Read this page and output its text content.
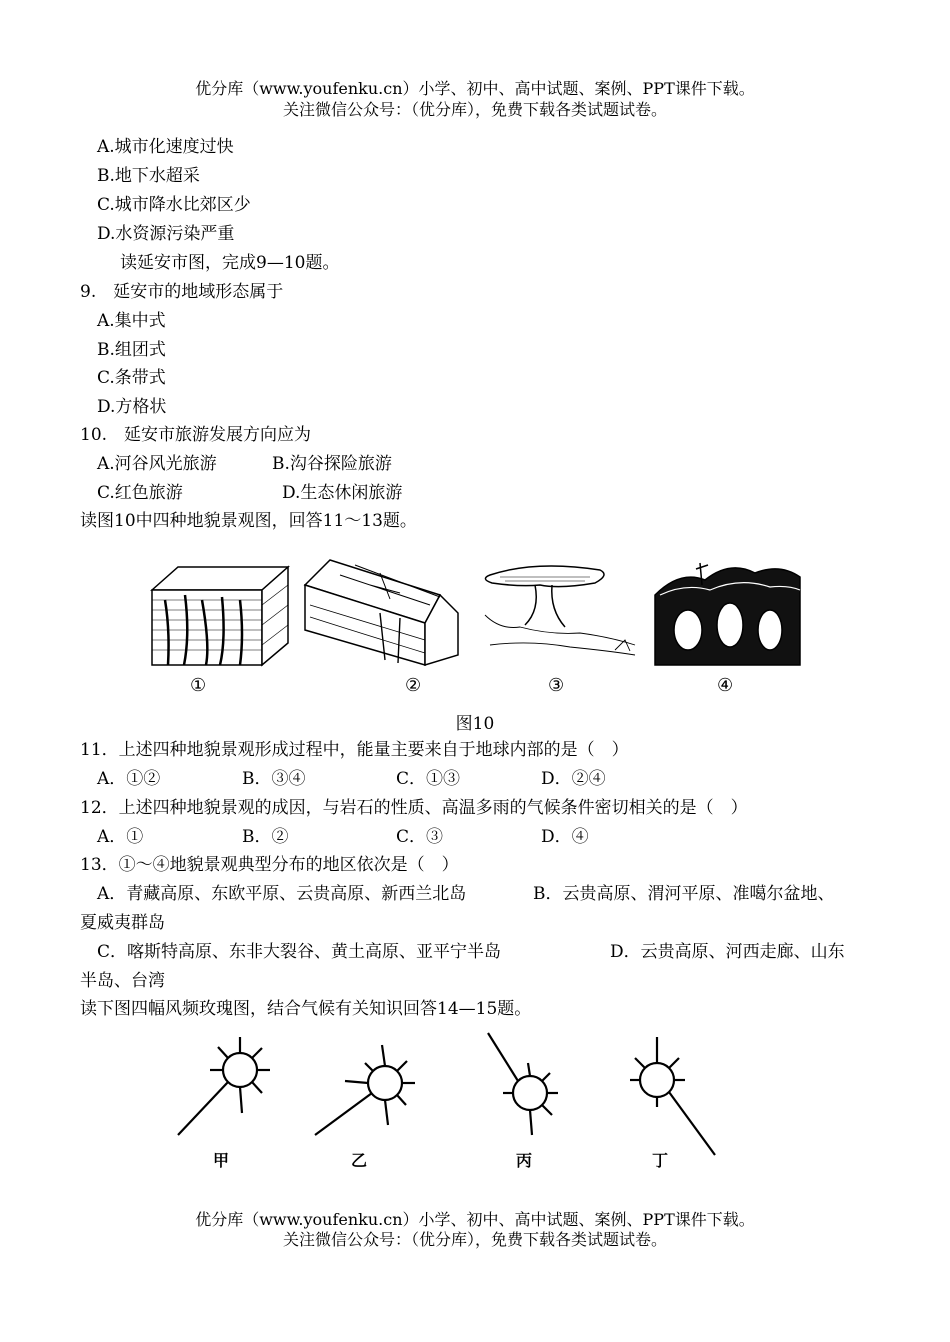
优分库（www.youfenku.cn）小学、初中、高中试题、案例、PPT课件下载。
关注微信公众号：（优分库），免费下载各类试题试卷。
A.城市化速度过快
B.地下水超采
C.城市降水比郊区少
D.水资源污染严重
读延安市图，完成9—10题。
9.　延安市的地域形态属于
A.集中式
B.组团式
C.条带式
D.方格状
10.　延安市旅游发展方向应为
A.河谷风光旅游	B.沟谷探险旅游
C.红色旅游	D.生态休闲旅游
读图10中四种地貌景观图，回答11～13题。
①	②	③	④
图10
11．上述四种地貌景观形成过程中，能量主要来自于地球内部的是（　）
A．①②	B．③④	C．①③	D．②④
12．上述四种地貌景观的成因，与岩石的性质、高温多雨的气候条件密切相关的是（　）
A．①	B．②	C．③	D．④
13．①～④地貌景观典型分布的地区依次是（　）
A．青藏高原、东欧平原、云贵高原、新西兰北岛	B．云贵高原、渭河平原、准噶尔盆地、
夏威夷群岛
C．喀斯特高原、东非大裂谷、黄土高原、亚平宁半岛	D．云贵高原、河西走廊、山东
半岛、台湾
读下图四幅风频玫瑰图，结合气候有关知识回答14—15题。
甲	乙	丙	丁
优分库（www.youfenku.cn）小学、初中、高中试题、案例、PPT课件下载。
关注微信公众号：（优分库），免费下载各类试题试卷。
